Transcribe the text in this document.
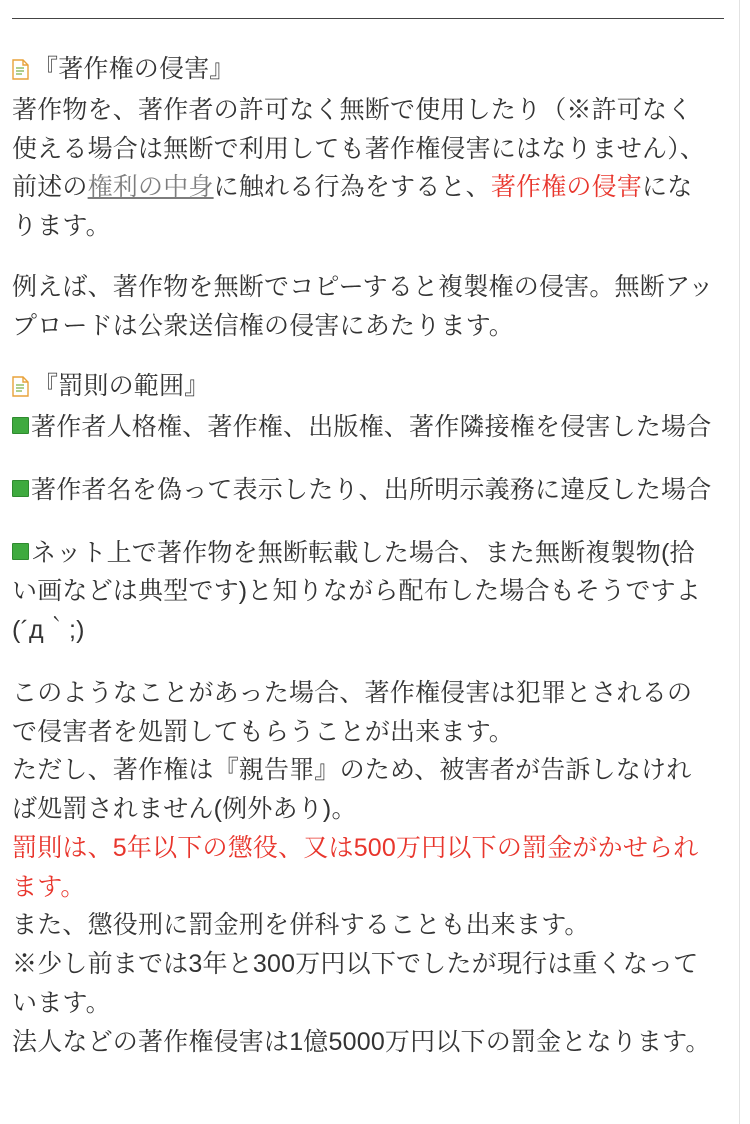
『著作権の侵害』

著作物を、著作者の許可なく無断で使用したり（※許可なく使える場合は無断で利用しても著作権侵害にはなりません）、前述の権利の中身に触れる行為をすると、著作権の侵害になります。

例えば、著作物を無断でコピーすると複製権の侵害。無断アップロードは公衆送信権の侵害にあたります。

『罰則の範囲』

著作者人格権、著作権、出版権、著作隣接権を侵害した場合

著作者名を偽って表示したり、出所明示義務に違反した場合

ネット上で著作物を無断転載した場合、また無断複製物(拾い画などは典型です)と知りながら配布した場合もそうですよ(´д｀;)

このようなことがあった場合、著作権侵害は犯罪とされるので侵害者を処罰してもらうことが出来ます。

ただし、著作権は『親告罪』のため、被害者が告訴しなければ処罰されません(例外あり)。

罰則は、5年以下の懲役、又は500万円以下の罰金がかせられます。

また、懲役刑に罰金刑を併科することも出来ます。

※少し前までは3年と300万円以下でしたが現行は重くなっています。

法人などの著作権侵害は1億5000万円以下の罰金となります。
